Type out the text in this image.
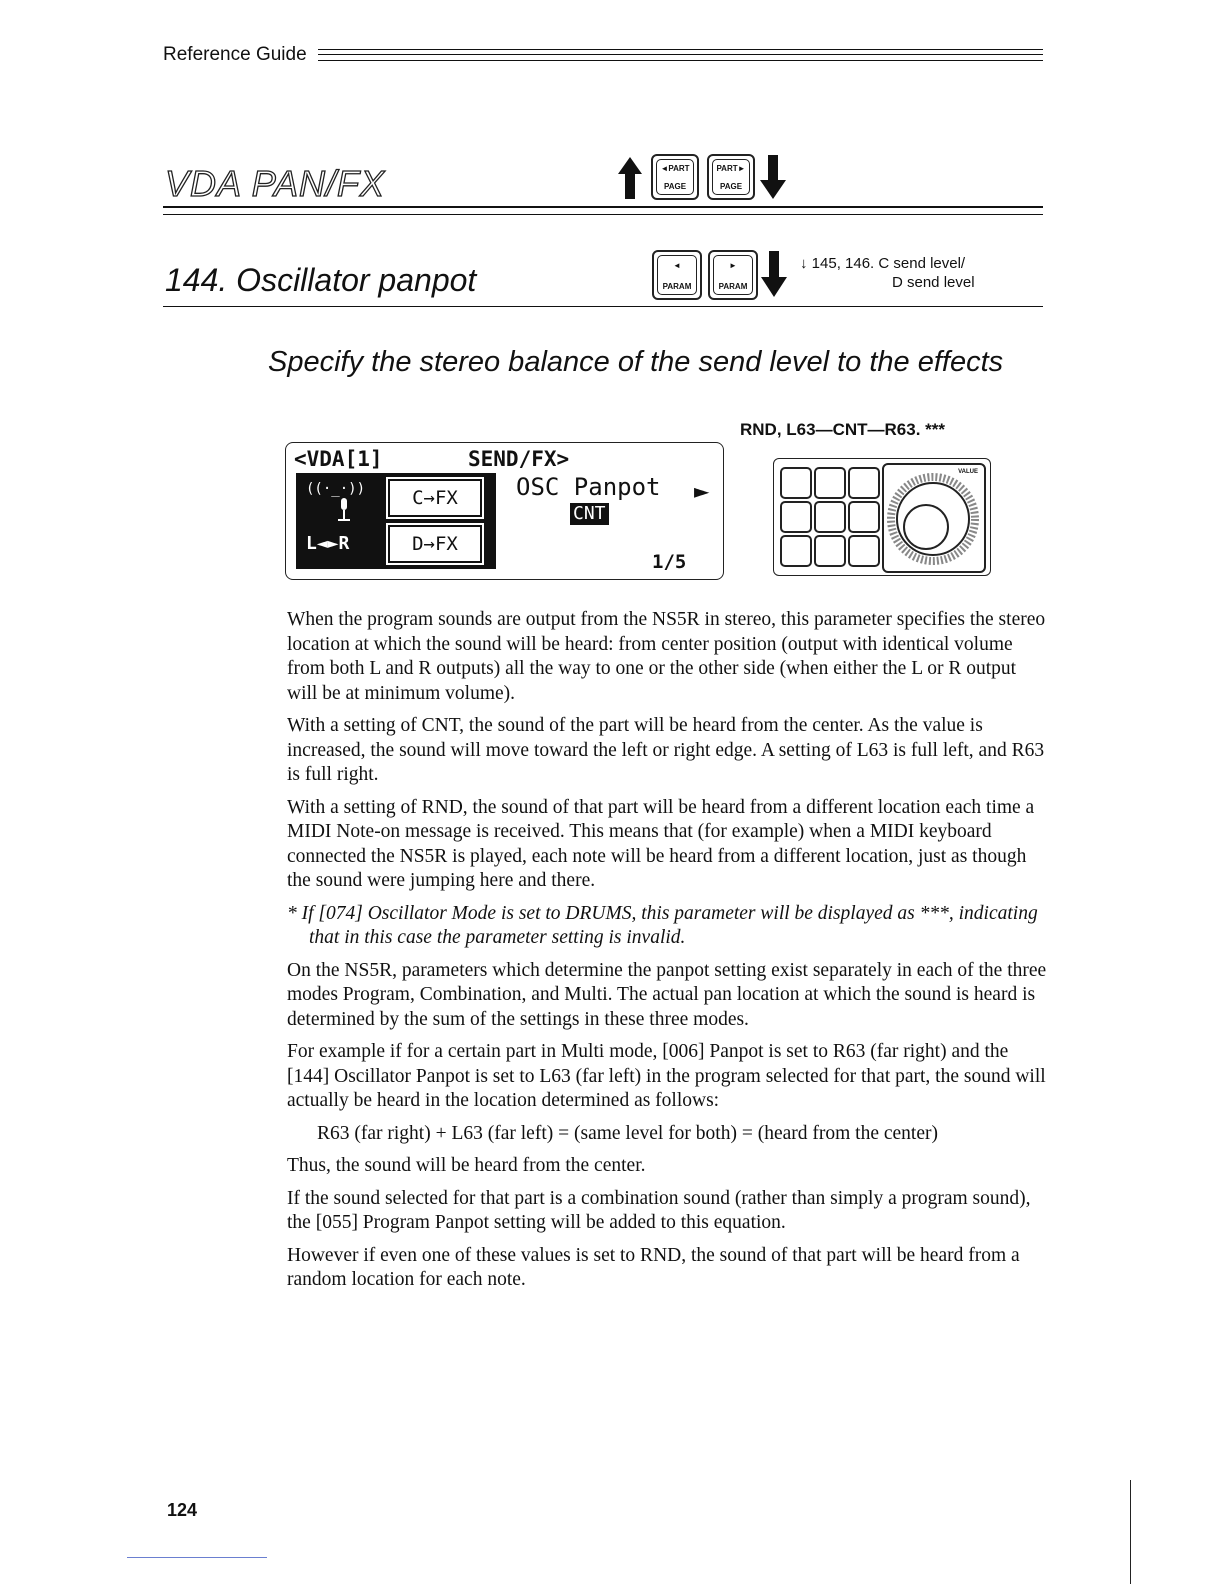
Reference Guide
VDA PAN/FX	◄PART
PAGE
PART►
PAGE
144. Oscillator panpot	◄
PARAM
►
PARAM
↓ 145, 146. C send level/
D send level
Specify the stereo balance of the send level to the effects
RND, L63—CNT—R63. ***
<VDA[1]	SEND/FX>
((·_·))
L◄►R
C→FX
D→FX
OSC Panpot ►
CNT
1/5
VALUE

When the program sounds are output from the NS5R in stereo, this parameter specifies the stereo location at which the sound will be heard: from center position (output with identical volume from both L and R outputs) all the way to one or the other side (when either the L or R output will be at minimum volume).

With a setting of CNT, the sound of the part will be heard from the center. As the value is increased, the sound will move toward the left or right edge. A setting of L63 is full left, and R63 is full right.

With a setting of RND, the sound of that part will be heard from a different location each time a MIDI Note-on message is received. This means that (for example) when a MIDI keyboard connected the NS5R is played, each note will be heard from a different location, just as though the sound were jumping here and there.

* If [074] Oscillator Mode is set to DRUMS, this parameter will be displayed as ***, indicating that in this case the parameter setting is invalid.

On the NS5R, parameters which determine the panpot setting exist separately in each of the three modes Program, Combination, and Multi. The actual pan location at which the sound is heard is determined by the sum of the settings in these three modes.

For example if for a certain part in Multi mode, [006] Panpot is set to R63 (far right) and the [144] Oscillator Panpot is set to L63 (far left) in the program selected for that part, the sound will actually be heard in the location determined as follows:

R63 (far right) + L63 (far left) = (same level for both) = (heard from the center)

Thus, the sound will be heard from the center.

If the sound selected for that part is a combination sound (rather than simply a program sound), the [055] Program Panpot setting will be added to this equation.

However if even one of these values is set to RND, the sound of that part will be heard from a random location for each note.

124
